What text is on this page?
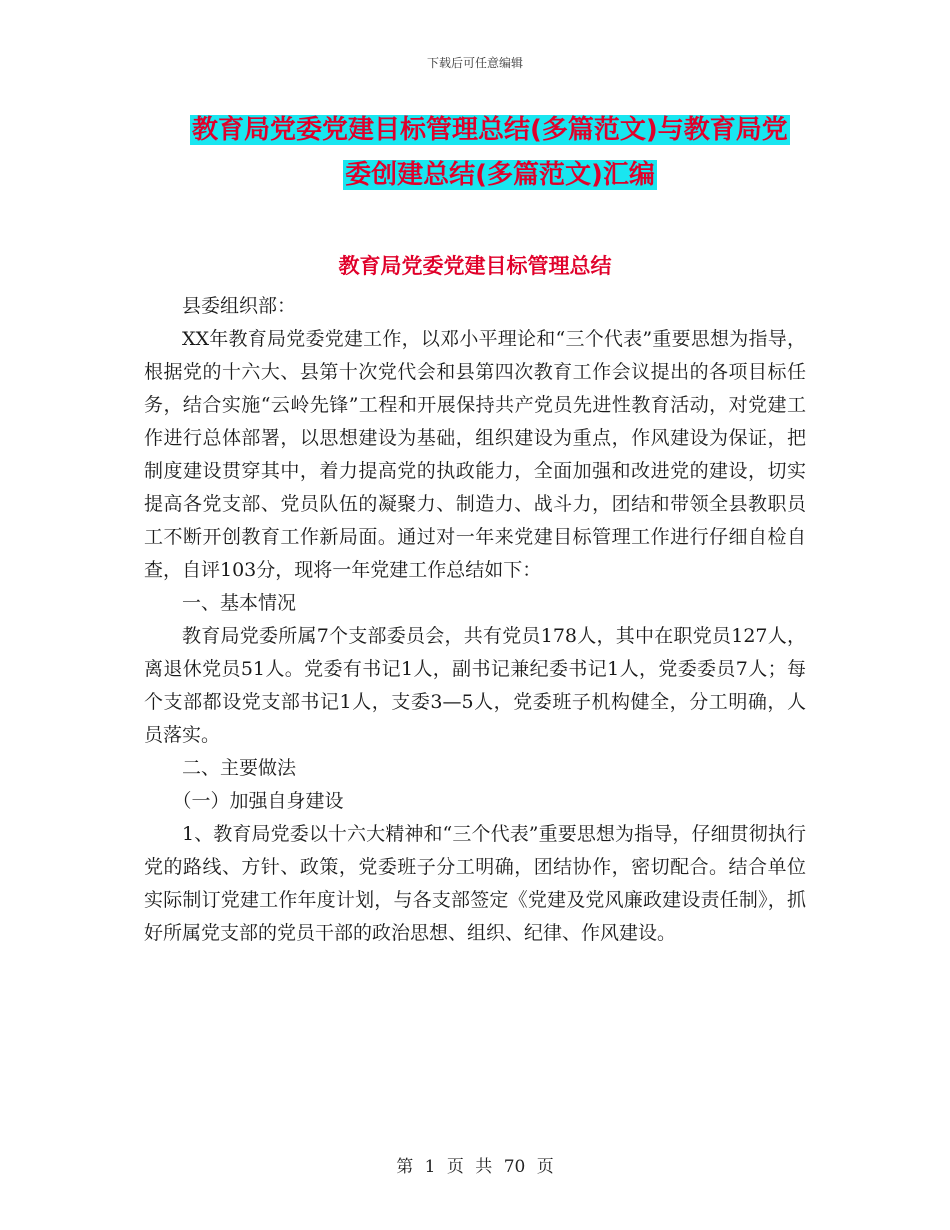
下载后可任意编辑
教育局党委党建目标管理总结(多篇范文)与教育局党
委创建总结(多篇范文)汇编
教育局党委党建目标管理总结

县委组织部：

XX年教育局党委党建工作，以邓小平理论和“三个代表”重要思想为指导，根据党的十六大、县第十次党代会和县第四次教育工作会议提出的各项目标任务，结合实施“云岭先锋”工程和开展保持共产党员先进性教育活动，对党建工作进行总体部署，以思想建设为基础，组织建设为重点，作风建设为保证，把制度建设贯穿其中，着力提高党的执政能力，全面加强和改进党的建设，切实提高各党支部、党员队伍的凝聚力、制造力、战斗力，团结和带领全县教职员工不断开创教育工作新局面。通过对一年来党建目标管理工作进行仔细自检自查，自评103分，现将一年党建工作总结如下：

一、基本情况

教育局党委所属7个支部委员会，共有党员178人，其中在职党员127人，离退休党员51人。党委有书记1人，副书记兼纪委书记1人，党委委员7人；每个支部都设党支部书记1人，支委3—5人，党委班子机构健全，分工明确，人员落实。

二、主要做法

（一）加强自身建设

1、教育局党委以十六大精神和“三个代表”重要思想为指导，仔细贯彻执行党的路线、方针、政策，党委班子分工明确，团结协作，密切配合。结合单位实际制订党建工作年度计划，与各支部签定《党建及党风廉政建设责任制》，抓好所属党支部的党员干部的政治思想、组织、纪律、作风建设。

第 1 页 共 70 页
